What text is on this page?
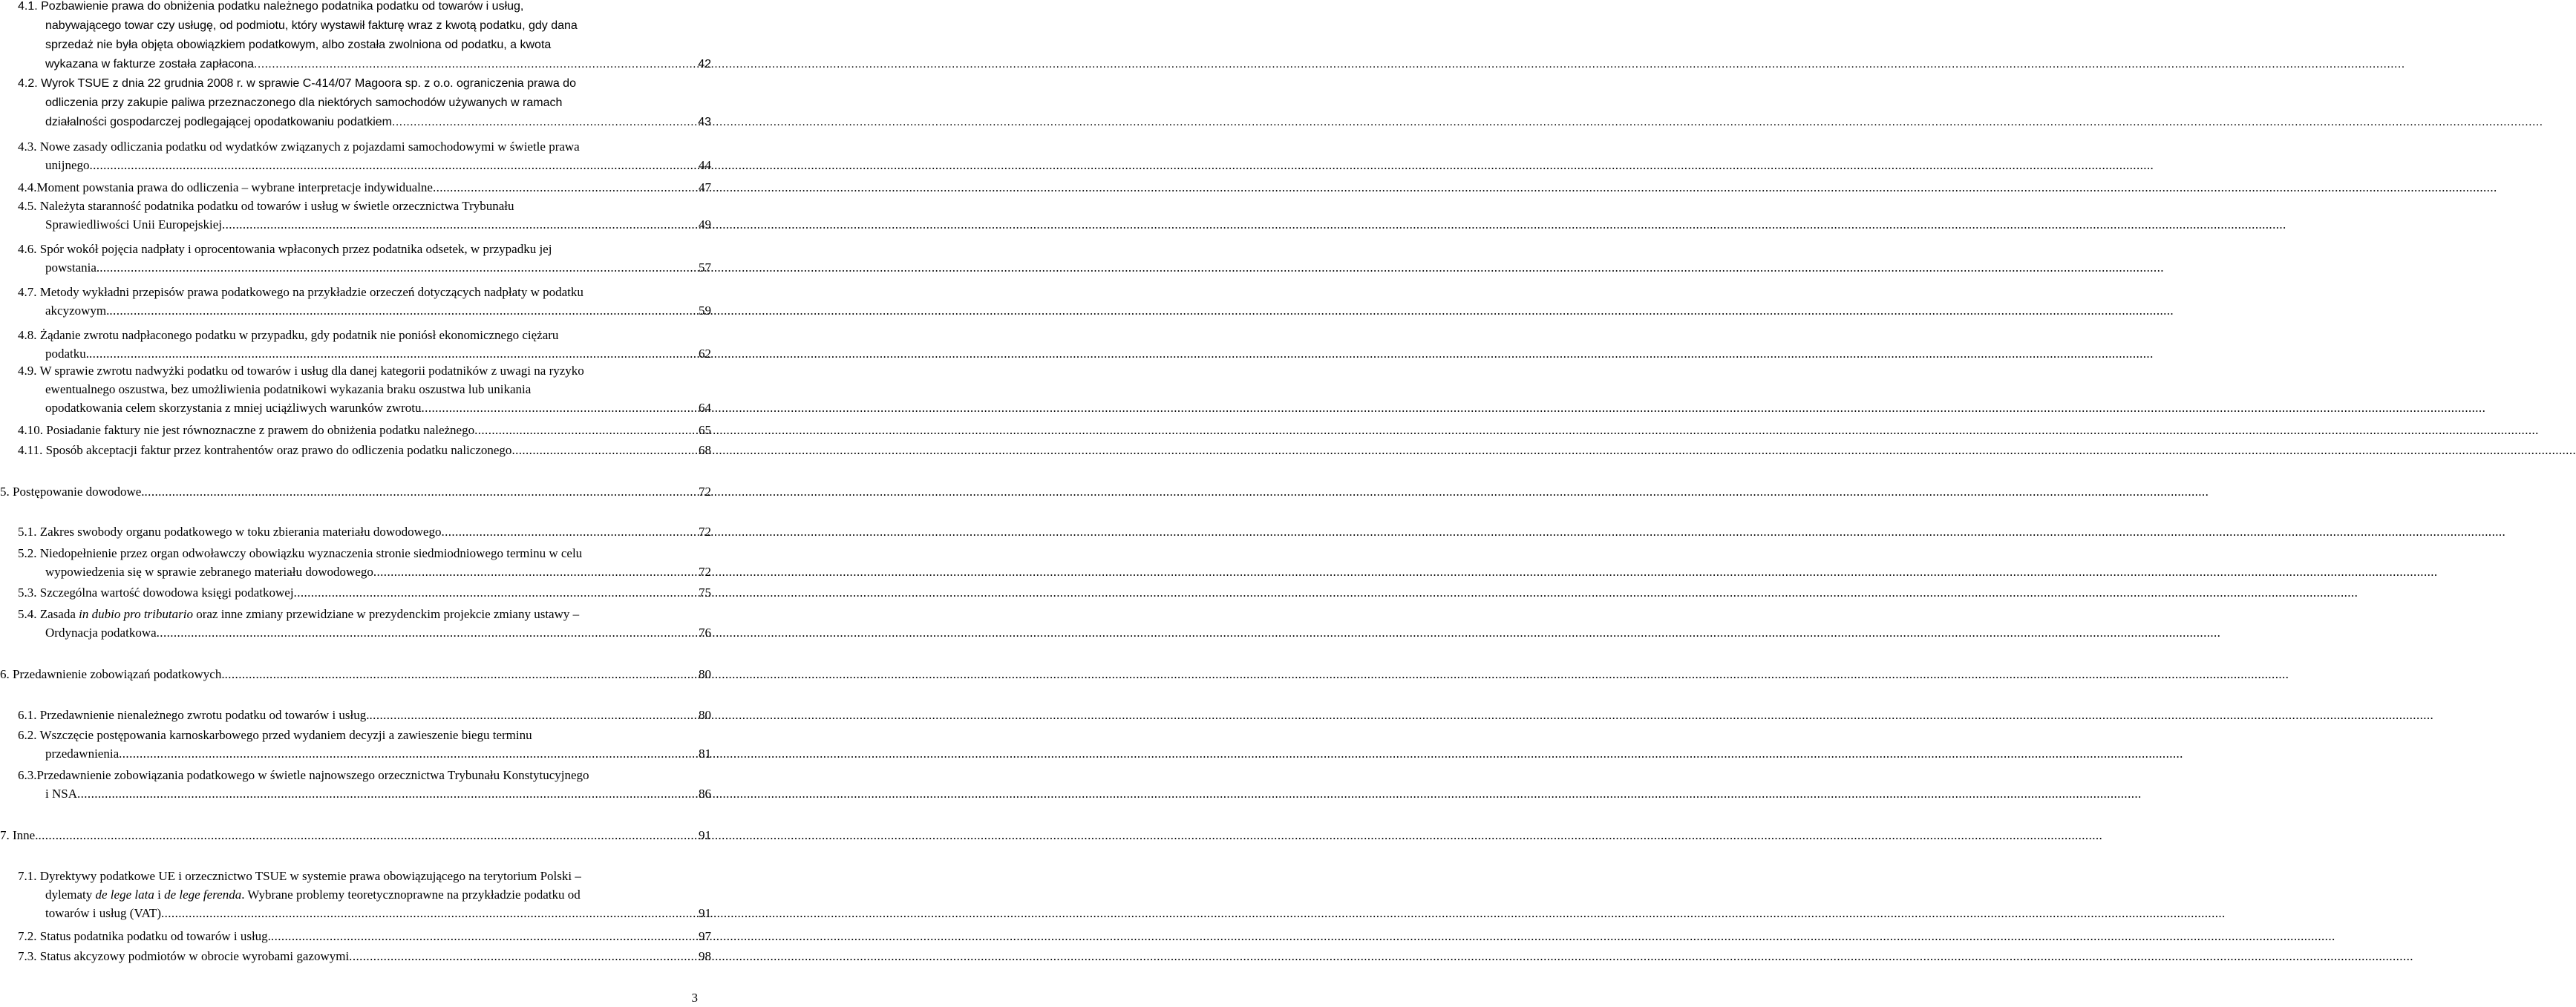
4.1. Pozbawienie prawa do obniżenia podatku należnego podatnika podatku od towarów i usług,
nabywającego towar czy usługę, od podmiotu, który wystawił fakturę wraz z kwotą podatku, gdy dana
sprzedaż nie była objęta obowiązkiem podatkowym, albo została zwolniona od podatku, a kwota
wykazana w fakturze została zapłacona .....	42
4.2. Wyrok TSUE z dnia 22 grudnia 2008 r. w sprawie C-414/07 Magoora sp. z o.o. ograniczenia prawa do
odliczenia przy zakupie paliwa przeznaczonego dla niektórych samochodów używanych w ramach
działalności gospodarczej podlegającej opodatkowaniu podatkiem .....	43
4.3. Nowe zasady odliczania podatku od wydatków związanych z pojazdami samochodowymi w świetle prawa
unijnego .....	44
4.4.Moment powstania prawa do odliczenia – wybrane interpretacje indywidualne .....	47
4.5. Należyta staranność podatnika podatku od towarów i usług w świetle orzecznictwa Trybunału
Sprawiedliwości Unii Europejskiej .....	49
4.6. Spór wokół pojęcia nadpłaty i oprocentowania wpłaconych przez podatnika odsetek, w przypadku jej
powstania. .....	57
4.7. Metody wykładni przepisów prawa podatkowego na przykładzie orzeczeń dotyczących nadpłaty w podatku
akcyzowym. .....	59
4.8. Żądanie zwrotu nadpłaconego podatku w przypadku, gdy podatnik nie poniósł ekonomicznego ciężaru
podatku. .....	62
4.9. W sprawie zwrotu nadwyżki podatku od towarów i usług dla danej kategorii podatników z uwagi na ryzyko
ewentualnego oszustwa, bez umożliwienia podatnikowi wykazania braku oszustwa lub unikania
opodatkowania celem skorzystania z mniej uciążliwych warunków zwrotu .....	64
4.10. Posiadanie faktury nie jest równoznaczne z prawem do obniżenia podatku należnego .....	65
4.11. Sposób akceptacji faktur przez kontrahentów oraz prawo do odliczenia podatku naliczonego .....	68
5. Postępowanie dowodowe. .....	72
5.1. Zakres swobody organu podatkowego w toku zbierania materiału dowodowego .....	72
5.2. Niedopełnienie przez organ odwoławczy obowiązku wyznaczenia stronie siedmiodniowego terminu w celu
wypowiedzenia się w sprawie zebranego materiału dowodowego .....	72
5.3. Szczególna wartość dowodowa księgi podatkowej .....	75
5.4. Zasada in dubio pro tributario oraz inne zmiany przewidziane w prezydenckim projekcie zmiany ustawy –
Ordynacja podatkowa .....	76
6. Przedawnienie zobowiązań podatkowych. .....	80
6.1. Przedawnienie nienależnego zwrotu podatku od towarów i usług. .....	80
6.2. Wszczęcie postępowania karnoskarbowego przed wydaniem decyzji a zawieszenie biegu terminu
przedawnienia .....	81
6.3.Przedawnienie zobowiązania podatkowego w świetle najnowszego orzecznictwa Trybunału Konstytucyjnego
i NSA .....	86
7. Inne. .....	91
7.1. Dyrektywy podatkowe UE i orzecznictwo TSUE w systemie prawa obowiązującego na terytorium Polski –
dylematy de lege lata i de lege ferenda. Wybrane problemy teoretycznoprawne na przykładzie podatku od
towarów i usług (VAT) .....	91
7.2. Status podatnika podatku od towarów i usług. .....	97
7.3. Status akcyzowy podmiotów w obrocie wyrobami gazowymi .....	98
3
